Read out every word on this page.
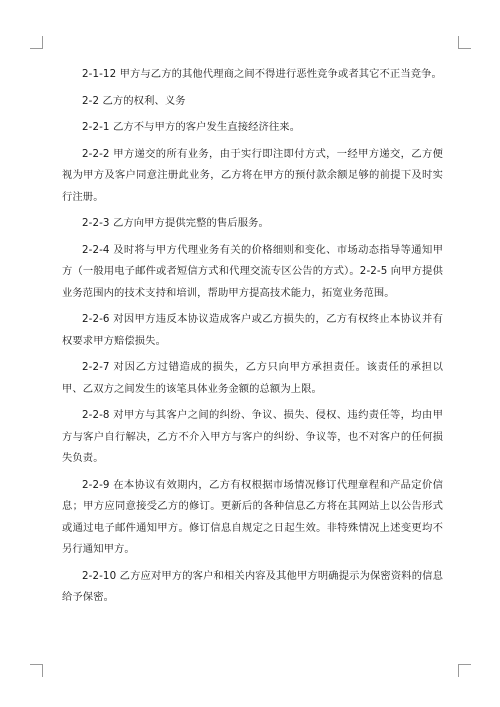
2-1-12 甲方与乙方的其他代理商之间不得进行恶性竞争或者其它不正当竞争。

2-2 乙方的权利、义务

2-2-1 乙方不与甲方的客户发生直接经济往来。

2-2-2 甲方递交的所有业务，由于实行即注即付方式，一经甲方递交，乙方便视为甲方及客户同意注册此业务，乙方将在甲方的预付款余额足够的前提下及时实行注册。

2-2-3 乙方向甲方提供完整的售后服务。

2-2-4 及时将与甲方代理业务有关的价格细则和变化、市场动态指导等通知甲方（一般用电子邮件或者短信方式和代理交流专区公告的方式）。2-2-5 向甲方提供业务范围内的技术支持和培训，帮助甲方提高技术能力，拓宽业务范围。

2-2-6 对因甲方违反本协议造成客户或乙方损失的，乙方有权终止本协议并有权要求甲方赔偿损失。

2-2-7 对因乙方过错造成的损失，乙方只向甲方承担责任。该责任的承担以甲、乙双方之间发生的该笔具体业务金额的总额为上限。

2-2-8 对甲方与其客户之间的纠纷、争议、损失、侵权、违约责任等，均由甲方与客户自行解决，乙方不介入甲方与客户的纠纷、争议等，也不对客户的任何损失负责。

2-2-9 在本协议有效期内，乙方有权根据市场情况修订代理章程和产品定价信息；甲方应同意接受乙方的修订。更新后的各种信息乙方将在其网站上以公告形式或通过电子邮件通知甲方。修订信息自规定之日起生效。非特殊情况上述变更均不另行通知甲方。

2-2-10 乙方应对甲方的客户和相关内容及其他甲方明确提示为保密资料的信息给予保密。
